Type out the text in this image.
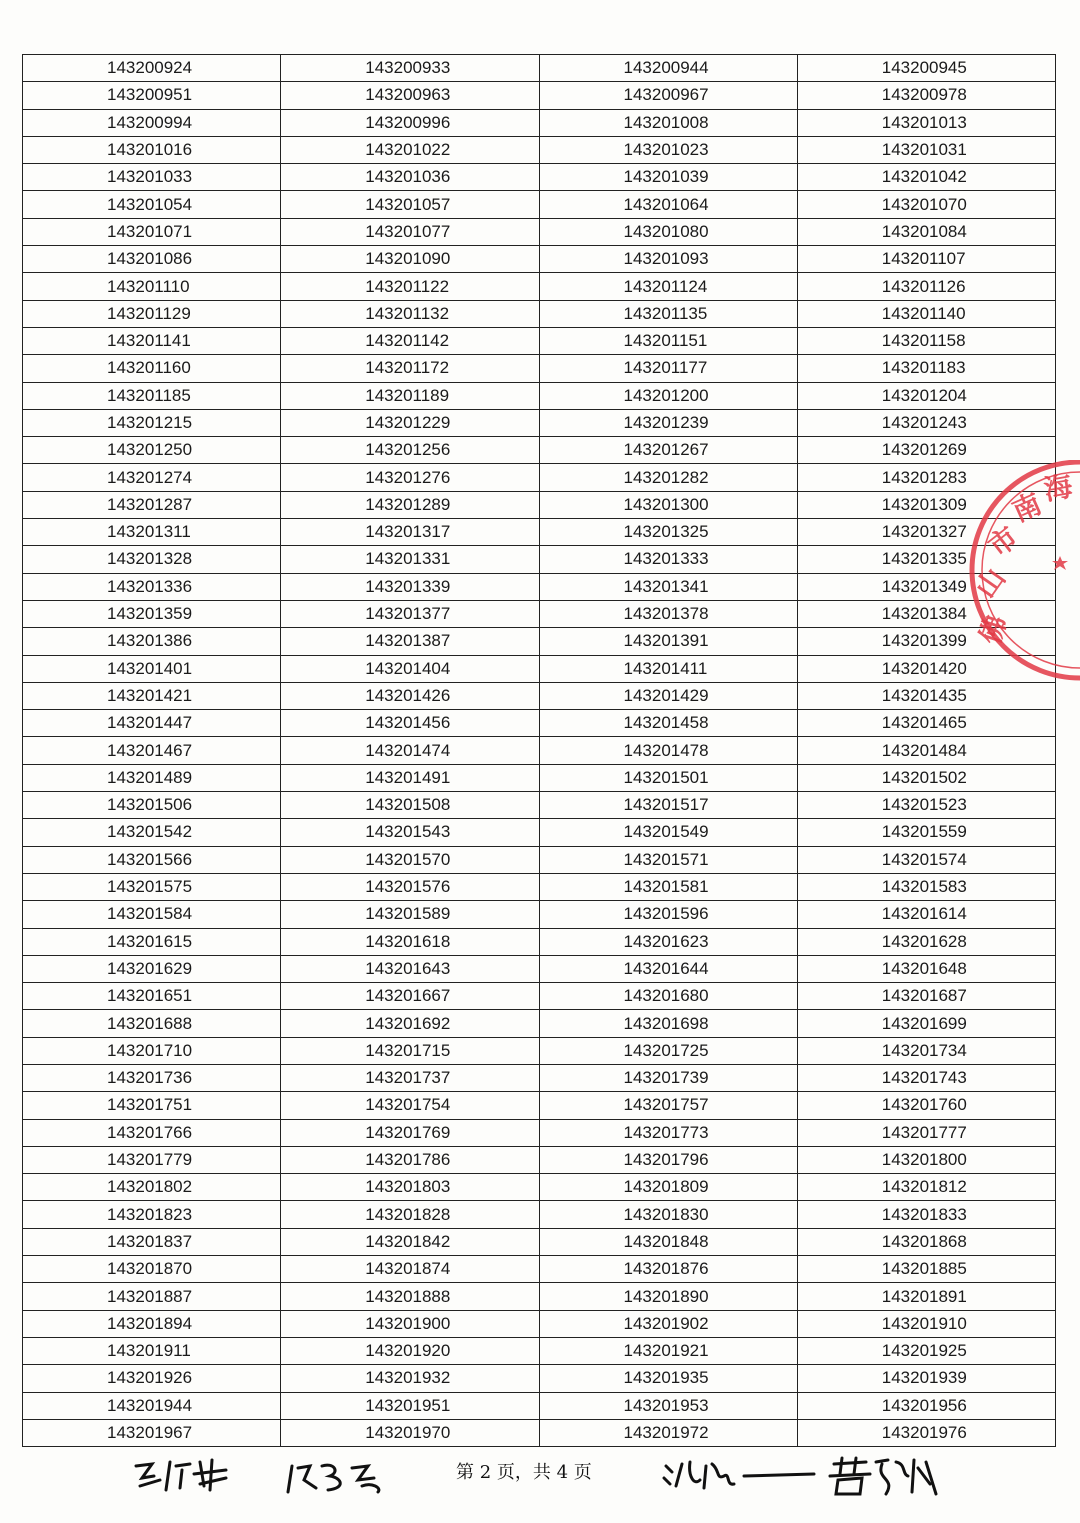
143200924	143200933	143200944	143200945

143200951	143200963	143200967	143200978

143200994	143200996	143201008	143201013

143201016	143201022	143201023	143201031

143201033	143201036	143201039	143201042

143201054	143201057	143201064	143201070

143201071	143201077	143201080	143201084

143201086	143201090	143201093	143201107

143201110	143201122	143201124	143201126

143201129	143201132	143201135	143201140

143201141	143201142	143201151	143201158

143201160	143201172	143201177	143201183

143201185	143201189	143201200	143201204

143201215	143201229	143201239	143201243

143201250	143201256	143201267	143201269

143201274	143201276	143201282	143201283

143201287	143201289	143201300	143201309

143201311	143201317	143201325	143201327

143201328	143201331	143201333	143201335

143201336	143201339	143201341	143201349

143201359	143201377	143201378	143201384

143201386	143201387	143201391	143201399

143201401	143201404	143201411	143201420

143201421	143201426	143201429	143201435

143201447	143201456	143201458	143201465

143201467	143201474	143201478	143201484

143201489	143201491	143201501	143201502

143201506	143201508	143201517	143201523

143201542	143201543	143201549	143201559

143201566	143201570	143201571	143201574

143201575	143201576	143201581	143201583

143201584	143201589	143201596	143201614

143201615	143201618	143201623	143201628

143201629	143201643	143201644	143201648

143201651	143201667	143201680	143201687

143201688	143201692	143201698	143201699

143201710	143201715	143201725	143201734

143201736	143201737	143201739	143201743

143201751	143201754	143201757	143201760

143201766	143201769	143201773	143201777

143201779	143201786	143201796	143201800

143201802	143201803	143201809	143201812

143201823	143201828	143201830	143201833

143201837	143201842	143201848	143201868

143201870	143201874	143201876	143201885

143201887	143201888	143201890	143201891

143201894	143201900	143201902	143201910

143201911	143201920	143201921	143201925

143201926	143201932	143201935	143201939

143201944	143201951	143201953	143201956

143201967	143201970	143201972	143201976
佛
山
市
南
海
第 2 页，共 4 页
